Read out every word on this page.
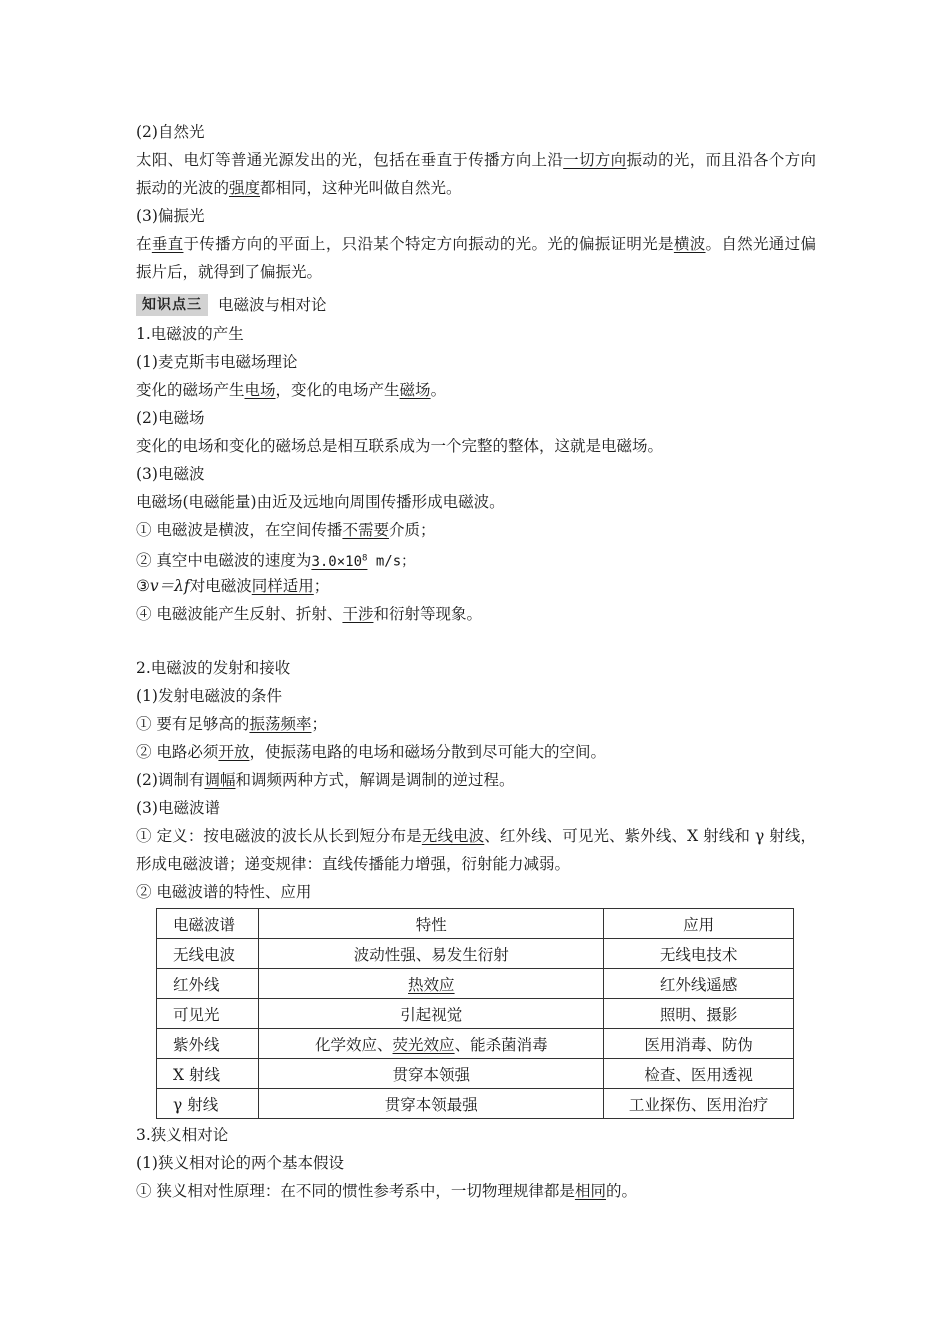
(2)自然光
太阳、电灯等普通光源发出的光，包括在垂直于传播方向上沿一切方向振动的光，而且沿各个方向振动的光波的强度都相同，这种光叫做自然光。
(3)偏振光
在垂直于传播方向的平面上，只沿某个特定方向振动的光。光的偏振证明光是横波。自然光通过偏振片后，就得到了偏振光。
知识点三 电磁波与相对论
1.电磁波的产生
(1)麦克斯韦电磁场理论
变化的磁场产生电场，变化的电场产生磁场。
(2)电磁场
变化的电场和变化的磁场总是相互联系成为一个完整的整体，这就是电磁场。
(3)电磁波
电磁场(电磁能量)由近及远地向周围传播形成电磁波。
① 电磁波是横波，在空间传播不需要介质；
② 真空中电磁波的速度为$3.0\times 10^8$ m/s；
③v＝λf对电磁波同样适用；
④ 电磁波能产生反射、折射、干涉和衍射等现象。
2.电磁波的发射和接收
(1)发射电磁波的条件
① 要有足够高的振荡频率；
② 电路必须开放，使振荡电路的电场和磁场分散到尽可能大的空间。
(2)调制有调幅和调频两种方式，解调是调制的逆过程。
(3)电磁波谱
① 定义：按电磁波的波长从长到短分布是无线电波、红外线、可见光、紫外线、X 射线和 γ 射线，形成电磁波谱；递变规律：直线传播能力增强，衍射能力减弱。
② 电磁波谱的特性、应用
电磁波谱	特性	应用
无线电波	波动性强、易发生衍射	无线电技术
红外线	热效应	红外线遥感
可见光	引起视觉	照明、摄影
紫外线	化学效应、荧光效应、能杀菌消毒	医用消毒、防伪
X 射线	贯穿本领强	检查、医用透视
γ 射线	贯穿本领最强	工业探伤、医用治疗
3.狭义相对论
(1)狭义相对论的两个基本假设
① 狭义相对性原理：在不同的惯性参考系中，一切物理规律都是相同的。
